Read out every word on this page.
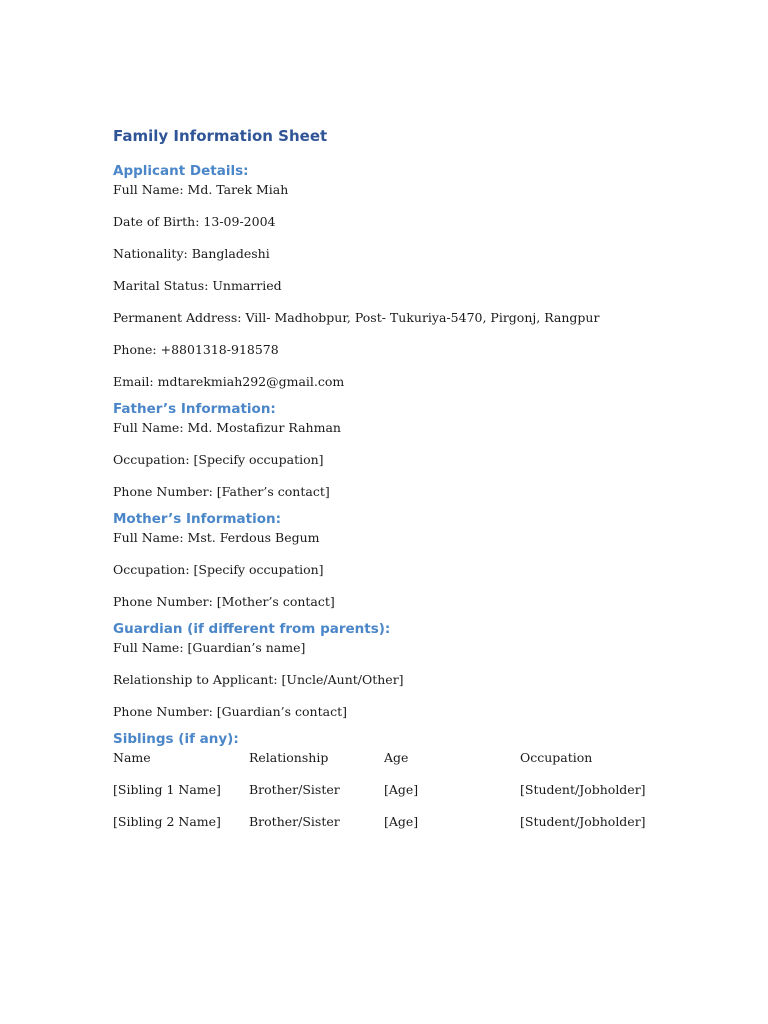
Family Information Sheet
Applicant Details:
Full Name: Md. Tarek Miah
Date of Birth: 13-09-2004
Nationality: Bangladeshi
Marital Status: Unmarried
Permanent Address: Vill- Madhobpur, Post- Tukuriya-5470, Pirgonj, Rangpur
Phone: +8801318-918578
Email: mdtarekmiah292@gmail.com
Father’s Information:
Full Name: Md. Mostafizur Rahman
Occupation: [Specify occupation]
Phone Number: [Father’s contact]
Mother’s Information:
Full Name: Mst. Ferdous Begum
Occupation: [Specify occupation]
Phone Number: [Mother’s contact]
Guardian (if different from parents):
Full Name: [Guardian’s name]
Relationship to Applicant: [Uncle/Aunt/Other]
Phone Number: [Guardian’s contact]
Siblings (if any):
Name	Relationship	Age	Occupation
[Sibling 1 Name]	Brother/Sister	[Age]	[Student/Jobholder]
[Sibling 2 Name]	Brother/Sister	[Age]	[Student/Jobholder]
